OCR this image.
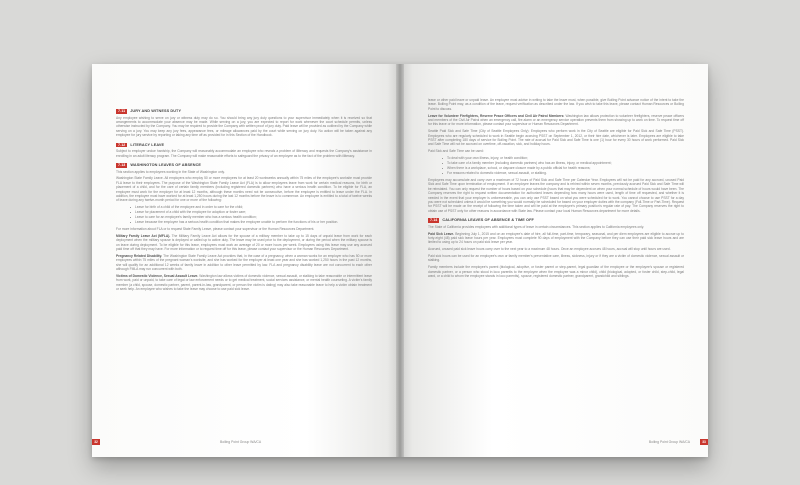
7.11	JURY AND WITNESS DUTY

Any employee wishing to serve on jury or witness duty may do so. You should bring any jury duty questions to your supervisor immediately when it is received so that arrangements to accommodate your absence may be made. While serving on a jury, you are expected to report for work whenever the court schedule permits, unless otherwise instructed by the Company. You may be required to provide the Company with written proof of jury duty. Paid leave will be provided as outlined by the Company while serving on a jury. You may keep any jury fees, appearance fees, or mileage allowances paid by the court while serving on jury duty. No action will be taken against any employee for jury service by reporting or taking any time off as provided for in this Section of the Handbook.

7.12	LITERACY LEAVE

Subject to employer undue hardship, the Company will reasonably accommodate an employee who reveals a problem of illiteracy and requests the Company's assistance in enrolling in an adult literacy program. The Company will make reasonable efforts to safeguard the privacy of an employee as to the fact of the problem with illiteracy.

7.13	WASHINGTON LEAVES OF ABSENCE

This section applies to employees working in the State of Washington only.

Washington State Family Leave. All employers who employ 50 or more employees for at least 20 workweeks annually within 75 miles of the employee's worksite must provide FLA leave to their employees. The purpose of the Washington State Family Leave Act (FLA) is to allow employees leave from work for certain medical reasons, for birth or placement of a child, and for the care of certain family members (including registered domestic partners) who have a serious health condition. To be eligible for FLA, an employee must work for the employer for at least 12 months, although these months need not be consecutive, before the employee is entitled to leave under the FLA. In addition, the employee must have worked for at least 1,250 hours during the last 12 months before the leave is to commence. An employee is entitled to a total of twelve weeks of leave during any twelve-month period for one or more of the following:

Leave for birth of a child of the employee and in order to care for the child;
Leave for placement of a child with the employee for adoption or foster care;
Leave to care for an employee's family member who has a serious health condition;
Leave because the employee has a serious health condition that makes the employee unable to perform the functions of his or her position.

For more information about FLA or to request State Family Leave, please contact your supervisor or the Human Resources Department.

Military Family Leave Act (MFLA). The Military Family Leave Act allows for the spouse of a military member to take up to 15 days of unpaid leave from work for each deployment when the military spouse is deployed or called up to active duty. The leave may be used prior to the deployment, or during the period when the military spouse is on leave during deployment. To be eligible for this leave, employees must work an average of 20 or more hours per week. Employees using this leave may use any accrued paid time off that they may have. For more information or to request time off for this leave, please contact your supervisor or the Human Resources Department.

Pregnancy Related Disability. The Washington State Family Leave Act provides that, in the case of a pregnancy, when a woman works for an employer who has 50 or more employees within 75 miles of the pregnant woman's worksite, and she has worked for the employer at least one year and she has worked 1,250 hours in the past 12 months, she will qualify for an additional 12 weeks of family leave in addition to other leave permitted by law. FLA and pregnancy disability leave are not concurrent to each other although FMLA may run concurrent with both.

Victims of Domestic Violence, Sexual Assault Leave. Washington law allows victims of domestic violence, sexual assault, or stalking to take reasonable or intermittent leave from work, paid or unpaid, to take care of legal or law enforcement needs or to get medical treatment, social services assistance, or mental health counseling. A victim's family member (a child, spouse, domestic partner, parent, parent-in-law, grandparent, or person the victim is dating) may also take reasonable leave to help a victim obtain treatment or seek help. An employee who wishes to take the leave may choose to use paid sick leave.

32	Boiling Point Group WA/CA

leave or other paid leave or unpaid leave. An employee must advise in writing to take the leave must, when possible, give Boiling Point advance notice of the intent to take the leave. Boiling Point may, as a condition of the leave, request verification as described under the law. If you wish to take this leave, please contact Human Resources or Boiling Point to discuss.

Leave for Volunteer Firefighters, Reserve Peace Officers and Civil Air Patrol Members: Washington law allows protection to volunteer firefighters, reserve peace officers and members of the Civil Air Patrol when an emergency call, fire alarm or an emergency service operation prevents them from showing up to work on time. To request time off for this leave or for more information, please contact your supervisor or Human Resources Department.

Seattle Paid Sick and Safe Time (City of Seattle Employees Only): Employees who perform work in the City of Seattle are eligible for Paid Sick and Safe Time (PSST). Employees who are regularly scheduled to work in Seattle begin accruing PSST on September 1, 2012, or their hire date, whichever is later. Employees are eligible to take PSST after completing 180 days of service for Boiling Point. The rate of accrual for Paid Sick and Safe Time is one (1) hour for every 30 hours of work performed. Paid Sick and Safe Time will not be accrued on overtime, off-vacation, sick, and holiday hours.

Paid Sick and Safe Time can be used:

To deal with your own illness, injury, or health condition;
To take care of a family member (including domestic partners) who has an illness, injury, or medical appointment;
When there is a workplace, school, or daycare closure made by a public official for health reasons;
For reasons related to domestic violence, sexual assault, or stalking.

Employees may accumulate and carry over a maximum of 72 hours of Paid Sick and Safe Time per Calendar Year. Employees will not be paid for any accrued, unused Paid Sick and Safe Time upon termination of employment. If an employee leaves the company and is rehired within seven months, previously accrued Paid Sick and Safe Time will be reinstated. You can only request the number of hours based on your schedule (hours that may be dependent on when your normal schedule of hours would have been. The Company reserves the right to request written documentation for authorized leaves depending how many hours were used, length of time off requested, and whether it is needed in the event that your employer is unforeseeable, you can only use PSST based on what you were scheduled for to work. You cannot choose to use PSST for a day you were not scheduled unless it would be something you would normally be scheduled for based on your employer duties with the company (Full-Time or Part-Time). Request for PSST will be made on the receipt of following the time taken and will be paid at the employee's primary position's regular rate of pay. The Company reserves the right to obtain use of PSST only for other reasons in accordance with State law. Please contact your local Human Resources department for more details.

7.14	CALIFORNIA LEAVES OF ABSENCE & TIME OFF

The State of California provides employees with additional types of leave in certain circumstances. This section applies to California employees only.

Paid Sick Leave. Beginning July 1, 2015 and on an employee's date of hire, all full-time, part-time, temporary, seasonal, and per diem employees are eligible to accrue up to forty-eight (48) paid sick leave hours per year. Employees must complete 90 days of employment with the Company before they can use their paid sick leave hours and are limited to using up to 24 hours on paid sick leave per year.

Accrued, unused paid sick leave hours carry over to the next year to a maximum 48 hours. Once an employee accrues 48 hours, accrual will stop until hours are used.

Paid sick hours can be used for an employee's own or family member's preventative care, illness, sickness, injury or if they are a victim of domestic violence, sexual assault or stalking.

Family members include the employee's parent (biological, adoptive, or foster parent or step-parent, legal guardian of the employee or the employee's spouse or registered domestic partner, or a person who stood in loco parentis to the employee when the employee was a minor child), child (biological, adopted, or foster child, step-child, legal ward, or a child to whom the employee stands in loco parentis), spouse, registered domestic partner, grandparent, grandchild and siblings.

Boiling Point Group WA/CA	33
